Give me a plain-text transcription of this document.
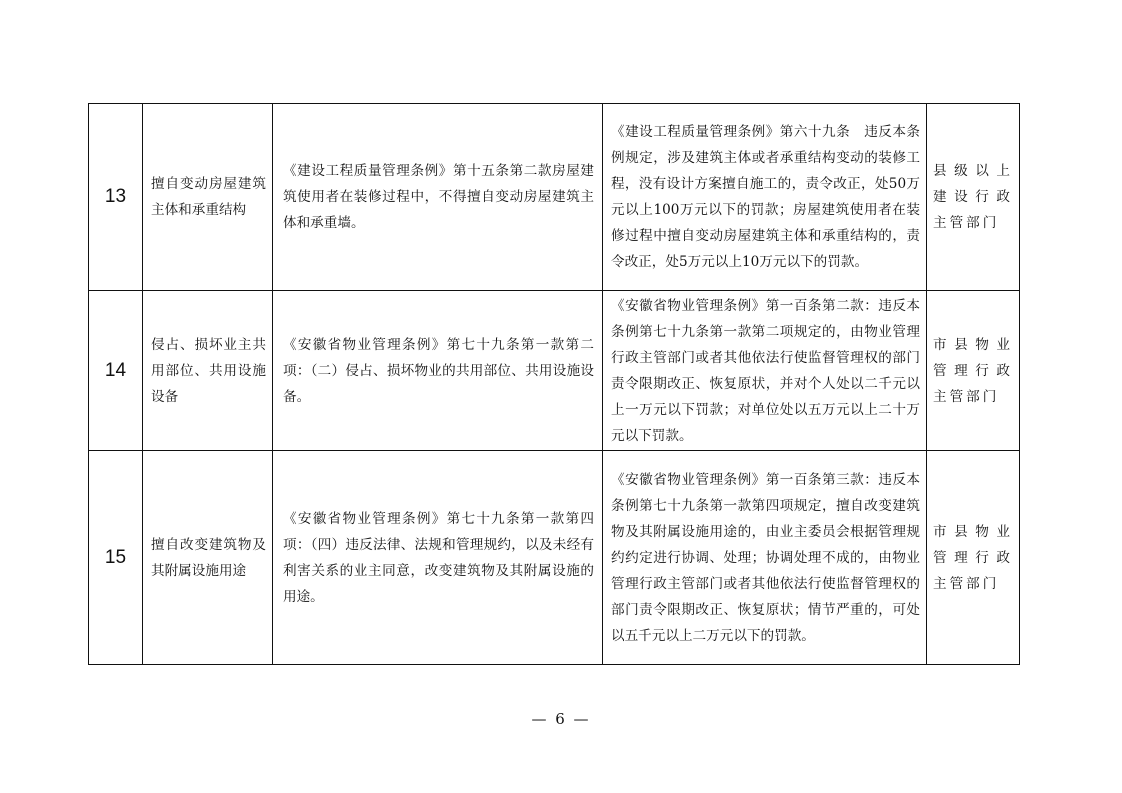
13	擅自变动房屋建筑主体和承重结构	《建设工程质量管理条例》第十五条第二款房屋建筑使用者在装修过程中，不得擅自变动房屋建筑主体和承重墙。	《建设工程质量管理条例》第六十九条　违反本条例规定，涉及建筑主体或者承重结构变动的装修工程，没有设计方案擅自施工的，责令改正，处50万元以上100万元以下的罚款；房屋建筑使用者在装修过程中擅自变动房屋建筑主体和承重结构的，责令改正，处5万元以上10万元以下的罚款。	县级以上建设行政主管部门
14	侵占、损坏业主共用部位、共用设施设备	《安徽省物业管理条例》第七十九条第一款第二项：（二）侵占、损坏物业的共用部位、共用设施设备。	《安徽省物业管理条例》第一百条第二款：违反本条例第七十九条第一款第二项规定的，由物业管理行政主管部门或者其他依法行使监督管理权的部门责令限期改正、恢复原状，并对个人处以二千元以上一万元以下罚款；对单位处以五万元以上二十万元以下罚款。	市县物业管理行政主管部门
15	擅自改变建筑物及其附属设施用途	《安徽省物业管理条例》第七十九条第一款第四项：（四）违反法律、法规和管理规约，以及未经有利害关系的业主同意，改变建筑物及其附属设施的用途。	《安徽省物业管理条例》第一百条第三款：违反本条例第七十九条第一款第四项规定，擅自改变建筑物及其附属设施用途的，由业主委员会根据管理规约约定进行协调、处理；协调处理不成的，由物业管理行政主管部门或者其他依法行使监督管理权的部门责令限期改正、恢复原状；情节严重的，可处以五千元以上二万元以下的罚款。	市县物业管理行政主管部门
— 6 —
